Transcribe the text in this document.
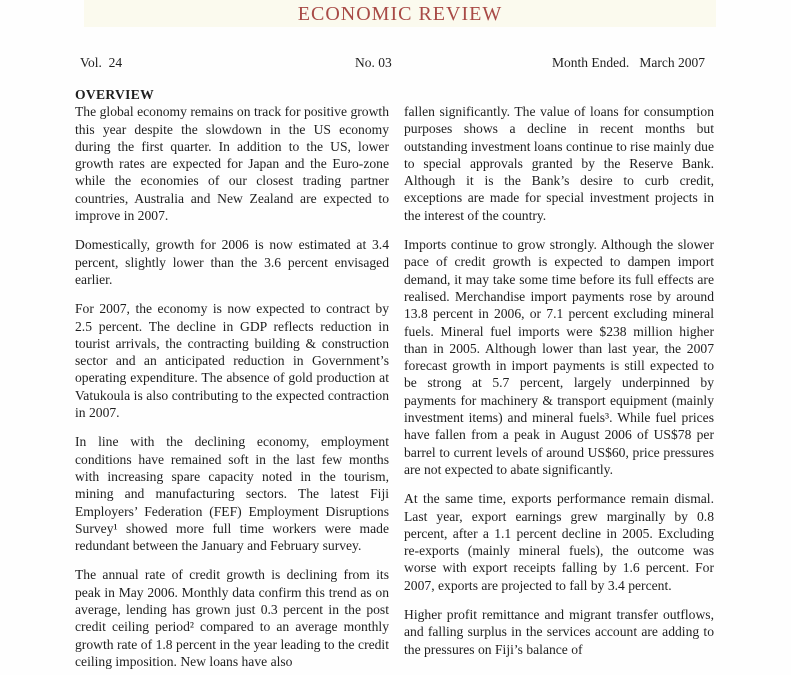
ECONOMIC REVIEW
Vol.  24	No. 03	Month Ended.   March 2007
OVERVIEW

The global economy remains on track for positive growth this year despite the slowdown in the US economy during the first quarter. In addition to the US, lower growth rates are expected for Japan and the Euro-zone while the economies of our closest trading partner countries, Australia and New Zealand are expected to improve in 2007.

Domestically, growth for 2006 is now estimated at 3.4 percent, slightly lower than the 3.6 percent envisaged earlier.

For 2007, the economy is now expected to contract by 2.5 percent. The decline in GDP reflects reduction in tourist arrivals, the contracting building & construction sector and an anticipated reduction in Government’s operating expenditure. The absence of gold production at Vatukoula is also contributing to the expected contraction in 2007.

In line with the declining economy, employment conditions have remained soft in the last few months with increasing spare capacity noted in the tourism, mining and manufacturing sectors. The latest Fiji Employers’ Federation (FEF) Employment Disruptions Survey¹ showed more full time workers were made redundant between the January and February survey.

The annual rate of credit growth is declining from its peak in May 2006. Monthly data confirm this trend as on average, lending has grown just 0.3 percent in the post credit ceiling period² compared to an average monthly growth rate of 1.8 percent in the year leading to the credit ceiling imposition. New loans have also

fallen significantly. The value of loans for consumption purposes shows a decline in recent months but outstanding investment loans continue to rise mainly due to special approvals granted by the Reserve Bank. Although it is the Bank’s desire to curb credit, exceptions are made for special investment projects in the interest of the country.

Imports continue to grow strongly. Although the slower pace of credit growth is expected to dampen import demand, it may take some time before its full effects are realised. Merchandise import payments rose by around 13.8 percent in 2006, or 7.1 percent excluding mineral fuels. Mineral fuel imports were $238 million higher than in 2005. Although lower than last year, the 2007 forecast growth in import payments is still expected to be strong at 5.7 percent, largely underpinned by payments for machinery & transport equipment (mainly investment items) and mineral fuels³. While fuel prices have fallen from a peak in August 2006 of US$78 per barrel to current levels of around US$60, price pressures are not expected to abate significantly.

At the same time, exports performance remain dismal. Last year, export earnings grew marginally by 0.8 percent, after a 1.1 percent decline in 2005. Excluding re-exports (mainly mineral fuels), the outcome was worse with export receipts falling by 1.6 percent. For 2007, exports are projected to fall by 3.4 percent.

Higher profit remittance and migrant transfer outflows, and falling surplus in the services account are adding to the pressures on Fiji’s balance of
